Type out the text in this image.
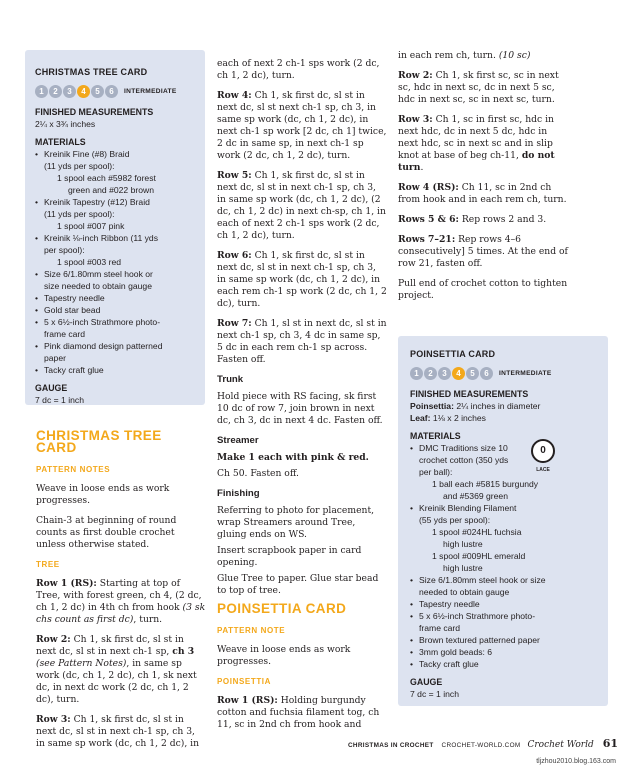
CHRISTMAS TREE CARD
1	2	3	4	5	6	INTERMEDIATE
FINISHED MEASUREMENTS

2¼ x 3¾ inches

MATERIALS
• Kreinik Fine (#8) Braid
(11 yds per spool):
1 spool each #5982 forest
green and #022 brown
• Kreinik Tapestry (#12) Braid
(11 yds per spool):
1 spool #007 pink
• Kreinik ⅛-inch Ribbon (11 yds
per spool):
1 spool #003 red
• Size 6/1.80mm steel hook or
size needed to obtain gauge
• Tapestry needle
• Gold star bead
• 5 x 6½-inch Strathmore photo-
frame card
• Pink diamond design patterned
paper
• Tacky craft glue
GAUGE

7 dc = 1 inch

CHRISTMAS TREE CARD
PATTERN NOTES

Weave in loose ends as work progresses.

Chain-3 at beginning of round counts as first double crochet unless otherwise stated.

TREE

Row 1 (RS): Starting at top of Tree, with forest green, ch 4, (2 dc, ch 1, 2 dc) in 4th ch from hook (3 sk chs count as first dc), turn.

Row 2: Ch 1, sk first dc, sl st in next dc, sl st in next ch-1 sp, ch 3 (see Pattern Notes), in same sp work (dc, ch 1, 2 dc), ch 1, sk next dc, in next dc work (2 dc, ch 1, 2 dc), turn.

Row 3: Ch 1, sk first dc, sl st in next dc, sl st in next ch-1 sp, ch 3, in same sp work (dc, ch 1, 2 dc), in

each of next 2 ch-1 sps work (2 dc, ch 1, 2 dc), turn.

Row 4: Ch 1, sk first dc, sl st in next dc, sl st next ch-1 sp, ch 3, in same sp work (dc, ch 1, 2 dc), in next ch-1 sp work [2 dc, ch 1] twice, 2 dc in same sp, in next ch-1 sp work (2 dc, ch 1, 2 dc), turn.

Row 5: Ch 1, sk first dc, sl st in next dc, sl st in next ch-1 sp, ch 3, in same sp work (dc, ch 1, 2 dc), (2 dc, ch 1, 2 dc) in next ch-sp, ch 1, in each of next 2 ch-1 sps work (2 dc, ch 1, 2 dc), turn.

Row 6: Ch 1, sk first dc, sl st in next dc, sl st in next ch-1 sp, ch 3, in same sp work (dc, ch 1, 2 dc), in each rem ch-1 sp work (2 dc, ch 1, 2 dc), turn.

Row 7: Ch 1, sl st in next dc, sl st in next ch-1 sp, ch 3, 4 dc in same sp, 5 dc in each rem ch-1 sp across. Fasten off.

Trunk

Hold piece with RS facing, sk first 10 dc of row 7, join brown in next dc, ch 3, dc in next 4 dc. Fasten off.

Streamer

Make 1 each with pink & red.

Ch 50. Fasten off.

Finishing

Referring to photo for placement, wrap Streamers around Tree, gluing ends on WS.

Insert scrapbook paper in card opening.

Glue Tree to paper. Glue star bead to top of tree.

POINSETTIA CARD
PATTERN NOTE

Weave in loose ends as work progresses.

POINSETTIA

Row 1 (RS): Holding burgundy cotton and fuchsia filament tog, ch 11, sc in 2nd ch from hook and

in each rem ch, turn. (10 sc)

Row 2: Ch 1, sk first sc, sc in next sc, hdc in next sc, dc in next 5 sc, hdc in next sc, sc in next sc, turn.

Row 3: Ch 1, sc in first sc, hdc in next hdc, dc in next 5 dc, hdc in next hdc, sc in next sc and in slip knot at base of beg ch-11, do not turn.

Row 4 (RS): Ch 11, sc in 2nd ch from hook and in each rem ch, turn.

Rows 5 & 6: Rep rows 2 and 3.

Rows 7–21: Rep rows 4–6 consecutively] 5 times. At the end of row 21, fasten off.

Pull end of crochet cotton to tighten project.

POINSETTIA CARD
1	2	3	4	5	6	INTERMEDIATE
FINISHED MEASUREMENTS

Poinsettia: 2¼ inches in diameter

Leaf: 1⅛ x 2 inches

MATERIALS
0
LACE
• DMC Traditions size 10
crochet cotton (350 yds
per ball):
1 ball each #5815 burgundy
and #5369 green
• Kreinik Blending Filament
(55 yds per spool):
1 spool #024HL fuchsia
high lustre
1 spool #009HL emerald
high lustre
• Size 6/1.80mm steel hook or size
needed to obtain gauge
• Tapestry needle
• 5 x 6½-inch Strathmore photo-
frame card
• Brown textured patterned paper
• 3mm gold beads: 6
• Tacky craft glue
GAUGE

7 dc = 1 inch

CHRISTMAS IN CROCHET CROCHET-WORLD.COM Crochet World 61
tljzhou2010.blog.163.com
